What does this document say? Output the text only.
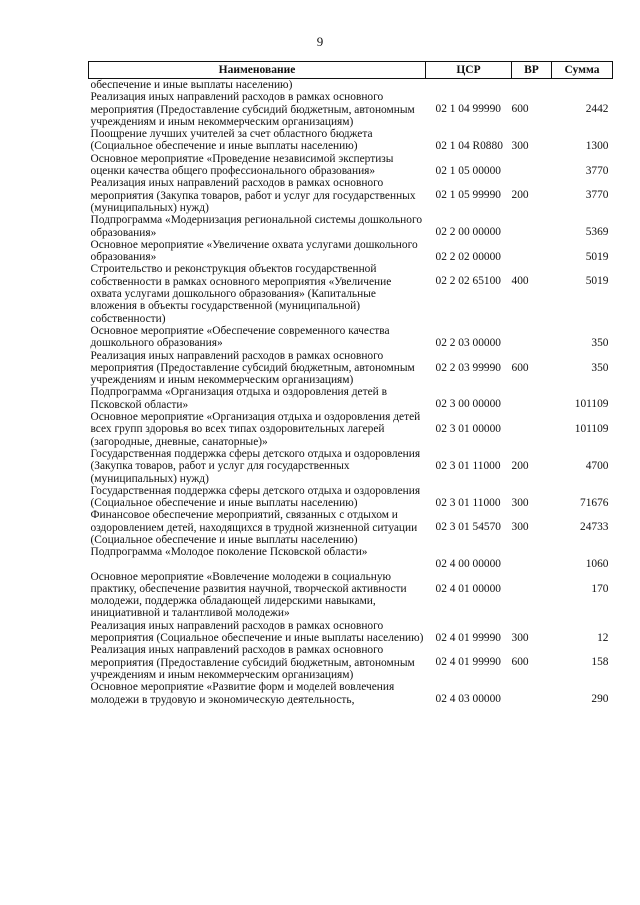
9
Наименование	ЦСР	ВР	Сумма
обеспечение и иные выплаты населению)			
Реализация иных направлений расходов в рамках основного мероприятия (Предоставление субсидий бюджетным, автономным учреждениям и иным некоммерческим организациям)	02 1 04 99990	600	2442
Поощрение лучших учителей за счет областного бюджета (Социальное обеспечение и иные выплаты населению)	02 1 04 R0880	300	1300
Основное мероприятие «Проведение независимой экспертизы оценки качества общего профессионального образования»	02 1 05 00000		3770
Реализация иных направлений расходов в рамках основного мероприятия (Закупка товаров, работ и услуг для государственных (муниципальных) нужд)	02 1 05 99990	200	3770
Подпрограмма «Модернизация региональной системы дошкольного образования»	02 2 00 00000		5369
Основное мероприятие «Увеличение охвата услугами дошкольного образования»	02 2 02 00000		5019
Строительство и реконструкция объектов государственной собственности в рамках основного мероприятия «Увеличение охвата услугами дошкольного образования» (Капитальные вложения в объекты государственной (муниципальной) собственности)	02 2 02 65100	400	5019
Основное мероприятие «Обеспечение современного качества дошкольного образования»	02 2 03 00000		350
Реализация иных направлений расходов в рамках основного мероприятия (Предоставление субсидий бюджетным, автономным учреждениям и иным некоммерческим организациям)	02 2 03 99990	600	350
Подпрограмма «Организация отдыха и оздоровления детей в Псковской области»	02 3 00 00000		101109
Основное мероприятие «Организация отдыха и оздоровления детей всех групп здоровья во всех типах оздоровительных лагерей (загородные, дневные, санаторные)»	02 3 01 00000		101109
Государственная поддержка сферы детского отдыха и оздоровления (Закупка товаров, работ и услуг для государственных (муниципальных) нужд)	02 3 01 11000	200	4700
Государственная поддержка сферы детского отдыха и оздоровления (Социальное обеспечение и иные выплаты населению)	02 3 01 11000	300	71676
Финансовое обеспечение мероприятий, связанных с отдыхом и оздоровлением детей, находящихся в трудной жизненной ситуации (Социальное обеспечение и иные выплаты населению)	02 3 01 54570	300	24733
Подпрограмма «Молодое поколение Псковской области»	02 4 00 00000		1060
Основное мероприятие «Вовлечение молодежи в социальную практику, обеспечение развития научной, творческой активности молодежи, поддержка обладающей лидерскими навыками, инициативной и талантливой молодежи»	02 4 01 00000		170
Реализация иных направлений расходов в рамках основного мероприятия (Социальное обеспечение и иные выплаты населению)	02 4 01 99990	300	12
Реализация иных направлений расходов в рамках основного мероприятия (Предоставление субсидий бюджетным, автономным учреждениям и иным некоммерческим организациям)	02 4 01 99990	600	158
Основное мероприятие «Развитие форм и моделей вовлечения молодежи в трудовую и экономическую деятельность,	02 4 03 00000		290
